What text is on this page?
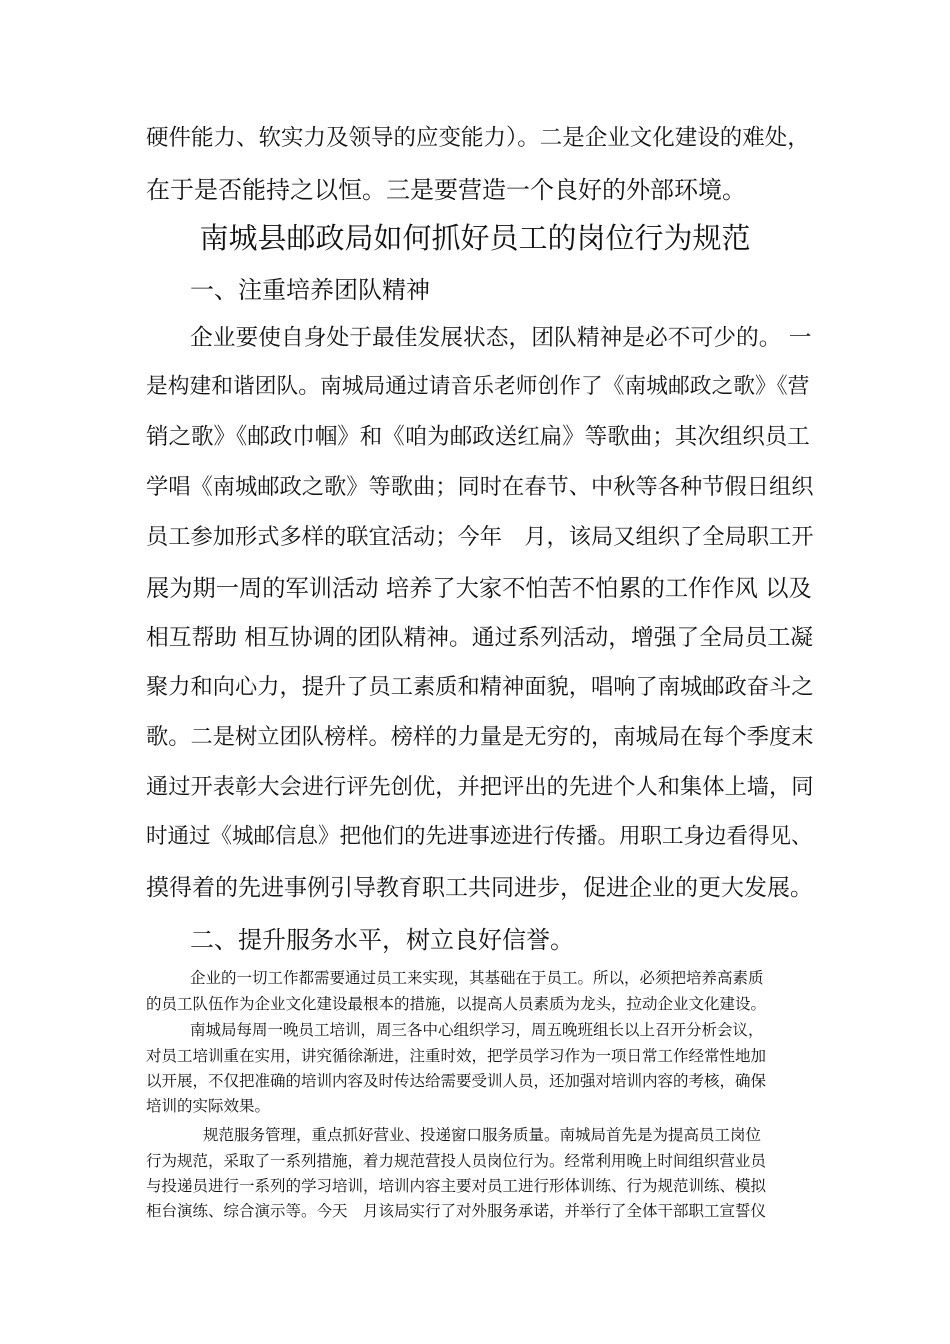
硬件能力、软实力及领导的应变能力）。二是企业文化建设的难处，
在于是否能持之以恒。三是要营造一个良好的外部环境。
南城县邮政局如何抓好员工的岗位行为规范
一、注重培养团队精神
企业要使自身处于最佳发展状态，团队精神是必不可少的。 一
是构建和谐团队。南城局通过请音乐老师创作了《南城邮政之歌》《营
销之歌》《邮政巾帼》和《咱为邮政送红扁》等歌曲；其次组织员工
学唱《南城邮政之歌》等歌曲；同时在春节、中秋等各种节假日组织
员工参加形式多样的联宜活动；今年　月，该局又组织了全局职工开
展为期一周的军训活动 培养了大家不怕苦不怕累的工作作风 以及
相互帮助 相互协调的团队精神。通过系列活动，增强了全局员工凝
聚力和向心力，提升了员工素质和精神面貌，唱响了南城邮政奋斗之
歌。二是树立团队榜样。榜样的力量是无穷的，南城局在每个季度末
通过开表彰大会进行评先创优，并把评出的先进个人和集体上墙，同
时通过《城邮信息》把他们的先进事迹进行传播。用职工身边看得见、
摸得着的先进事例引导教育职工共同进步，促进企业的更大发展。
二、提升服务水平，树立良好信誉。
企业的一切工作都需要通过员工来实现，其基础在于员工。所以，必须把培养高素质
的员工队伍作为企业文化建设最根本的措施，以提高人员素质为龙头，拉动企业文化建设。
南城局每周一晚员工培训，周三各中心组织学习，周五晚班组长以上召开分析会议，
对员工培训重在实用，讲究循徐渐进，注重时效，把学员学习作为一项日常工作经常性地加
以开展，不仅把准确的培训内容及时传达给需要受训人员，还加强对培训内容的考核，确保
培训的实际效果。
规范服务管理，重点抓好营业、投递窗口服务质量。南城局首先是为提高员工岗位
行为规范，采取了一系列措施，着力规范营投人员岗位行为。经常利用晚上时间组织营业员
与投递员进行一系列的学习培训，培训内容主要对员工进行形体训练、行为规范训练、模拟
柜台演练、综合演示等。今天　月该局实行了对外服务承诺，并举行了全体干部职工宣誓仪
